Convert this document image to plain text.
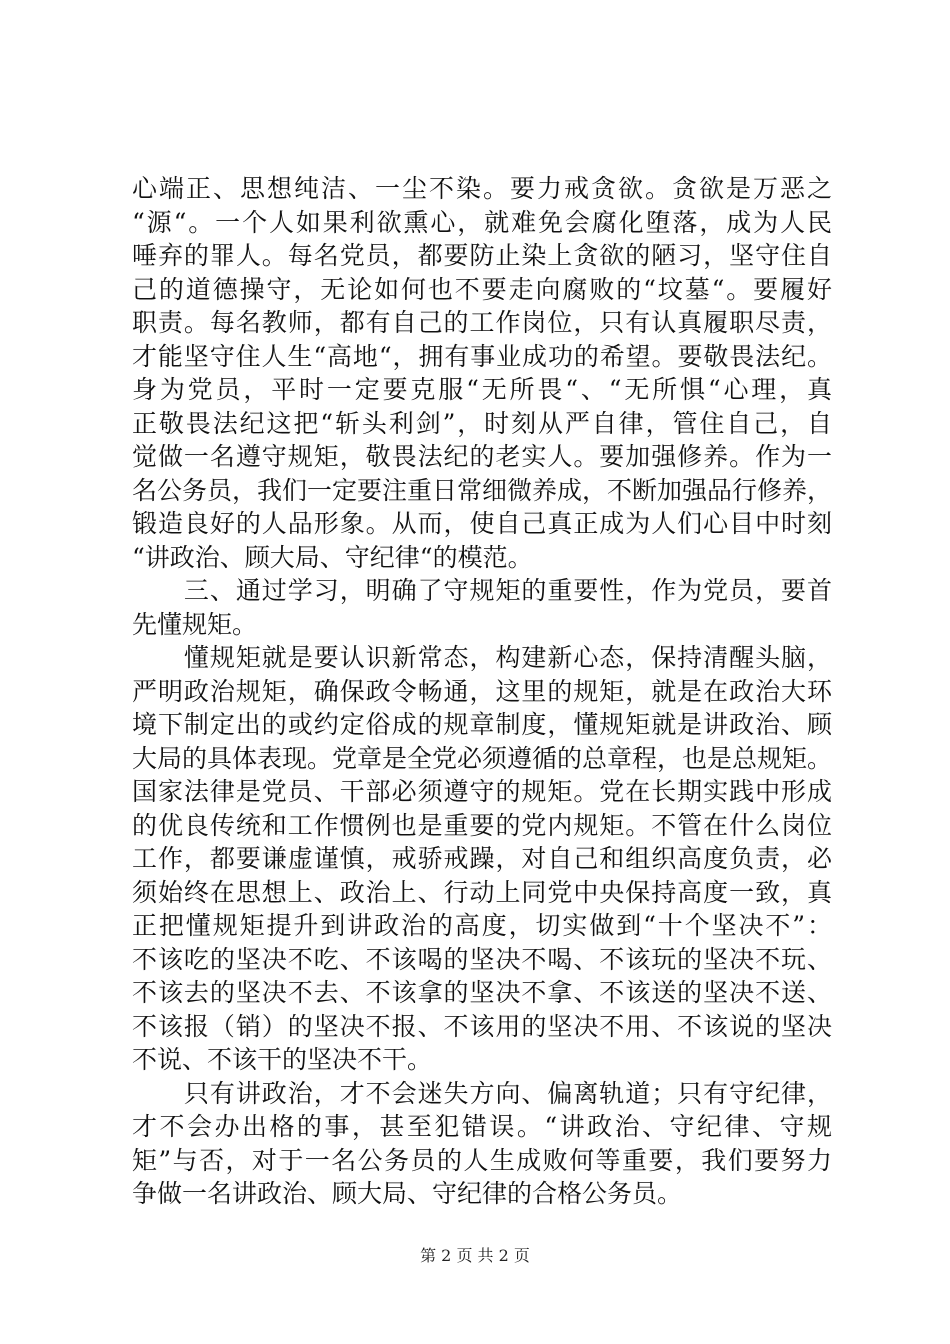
心端正、思想纯洁、一尘不染。要力戒贪欲。贪欲是万恶之
“源“。一个人如果利欲熏心，就难免会腐化堕落，成为人民
唾弃的罪人。每名党员，都要防止染上贪欲的陋习，坚守住自
己的道德操守，无论如何也不要走向腐败的“坟墓“。要履好
职责。每名教师，都有自己的工作岗位，只有认真履职尽责，
才能坚守住人生“高地“，拥有事业成功的希望。要敬畏法纪。
身为党员，平时一定要克服“无所畏“、“无所惧“心理，真
正敬畏法纪这把“斩头利剑”，时刻从严自律，管住自己，自
觉做一名遵守规矩，敬畏法纪的老实人。要加强修养。作为一
名公务员，我们一定要注重日常细微养成，不断加强品行修养，
锻造良好的人品形象。从而，使自己真正成为人们心目中时刻
“讲政治、顾大局、守纪律“的模范。
　　三、通过学习，明确了守规矩的重要性，作为党员，要首
先懂规矩。
　　懂规矩就是要认识新常态，构建新心态，保持清醒头脑，
严明政治规矩，确保政令畅通，这里的规矩，就是在政治大环
境下制定出的或约定俗成的规章制度，懂规矩就是讲政治、顾
大局的具体表现。党章是全党必须遵循的总章程，也是总规矩。
国家法律是党员、干部必须遵守的规矩。党在长期实践中形成
的优良传统和工作惯例也是重要的党内规矩。不管在什么岗位
工作，都要谦虚谨慎，戒骄戒躁，对自己和组织高度负责，必
须始终在思想上、政治上、行动上同党中央保持高度一致，真
正把懂规矩提升到讲政治的高度，切实做到“十个坚决不”：
不该吃的坚决不吃、不该喝的坚决不喝、不该玩的坚决不玩、
不该去的坚决不去、不该拿的坚决不拿、不该送的坚决不送、
不该报（销）的坚决不报、不该用的坚决不用、不该说的坚决
不说、不该干的坚决不干。
　　只有讲政治，才不会迷失方向、偏离轨道；只有守纪律，
才不会办出格的事，甚至犯错误。“讲政治、守纪律、守规
矩”与否，对于一名公务员的人生成败何等重要，我们要努力
争做一名讲政治、顾大局、守纪律的合格公务员。
第 2 页 共 2 页
